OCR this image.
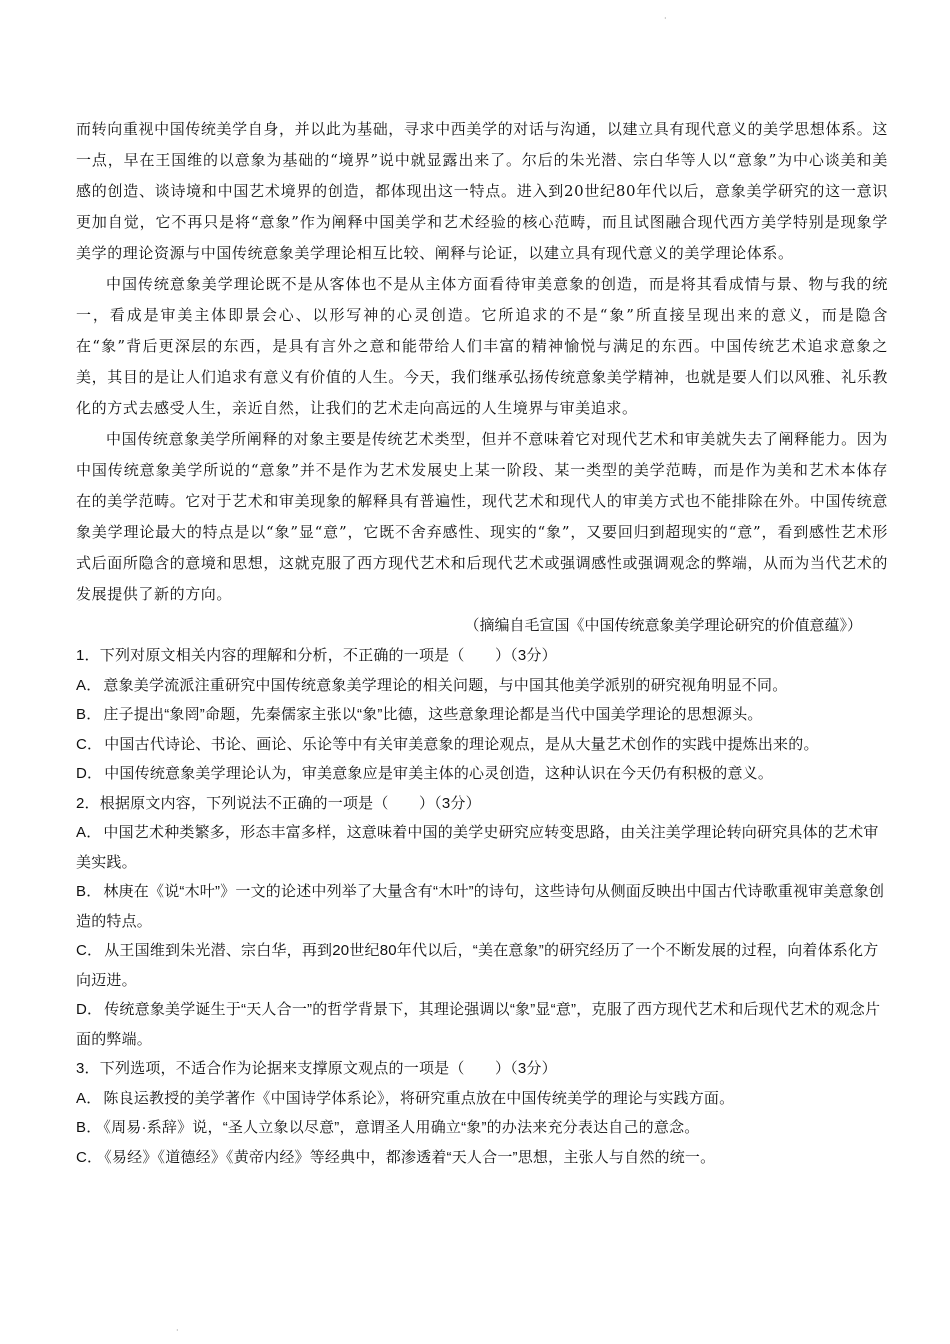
·

而转向重视中国传统美学自身，并以此为基础，寻求中西美学的对话与沟通，以建立具有现代意义的美学思想体系。这一点，早在王国维的以意象为基础的“境界”说中就显露出来了。尔后的朱光潜、宗白华等人以“意象”为中心谈美和美感的创造、谈诗境和中国艺术境界的创造，都体现出这一特点。进入到20世纪80年代以后，意象美学研究的这一意识更加自觉，它不再只是将“意象”作为阐释中国美学和艺术经验的核心范畴，而且试图融合现代西方美学特别是现象学美学的理论资源与中国传统意象美学理论相互比较、阐释与论证，以建立具有现代意义的美学理论体系。

中国传统意象美学理论既不是从客体也不是从主体方面看待审美意象的创造，而是将其看成情与景、物与我的统一，看成是审美主体即景会心、以形写神的心灵创造。它所追求的不是“象”所直接呈现出来的意义，而是隐含在“象”背后更深层的东西，是具有言外之意和能带给人们丰富的精神愉悦与满足的东西。中国传统艺术追求意象之美，其目的是让人们追求有意义有价值的人生。今天，我们继承弘扬传统意象美学精神，也就是要人们以风雅、礼乐教化的方式去感受人生，亲近自然，让我们的艺术走向高远的人生境界与审美追求。

中国传统意象美学所阐释的对象主要是传统艺术类型，但并不意味着它对现代艺术和审美就失去了阐释能力。因为中国传统意象美学所说的“意象”并不是作为艺术发展史上某一阶段、某一类型的美学范畴，而是作为美和艺术本体存在的美学范畴。它对于艺术和审美现象的解释具有普遍性，现代艺术和现代人的审美方式也不能排除在外。中国传统意象美学理论最大的特点是以“象”显“意”，它既不舍弃感性、现实的“象”，又要回归到超现实的“意”，看到感性艺术形式后面所隐含的意境和思想，这就克服了西方现代艺术和后现代艺术或强调感性或强调观念的弊端，从而为当代艺术的发展提供了新的方向。

（摘编自毛宣国《中国传统意象美学理论研究的价值意蕴》）

1．下列对原文相关内容的理解和分析，不正确的一项是（　　）（3分）

A． 意象美学流派注重研究中国传统意象美学理论的相关问题，与中国其他美学派别的研究视角明显不同。

B． 庄子提出“象罔”命题，先秦儒家主张以“象”比德，这些意象理论都是当代中国美学理论的思想源头。

C． 中国古代诗论、书论、画论、乐论等中有关审美意象的理论观点，是从大量艺术创作的实践中提炼出来的。

D． 中国传统意象美学理论认为，审美意象应是审美主体的心灵创造，这种认识在今天仍有积极的意义。

2．根据原文内容，下列说法不正确的一项是（　　）（3分）

A． 中国艺术种类繁多，形态丰富多样，这意味着中国的美学史研究应转变思路，由关注美学理论转向研究具体的艺术审美实践。

B． 林庚在《说“木叶”》一文的论述中列举了大量含有“木叶”的诗句，这些诗句从侧面反映出中国古代诗歌重视审美意象创造的特点。

C． 从王国维到朱光潜、宗白华，再到20世纪80年代以后，“美在意象”的研究经历了一个不断发展的过程，向着体系化方向迈进。

D． 传统意象美学诞生于“天人合一”的哲学背景下，其理论强调以“象”显“意”，克服了西方现代艺术和后现代艺术的观念片面的弊端。

3．下列选项，不适合作为论据来支撑原文观点的一项是（　　）（3分）

A． 陈良运教授的美学著作《中国诗学体系论》，将研究重点放在中国传统美学的理论与实践方面。

B． 《周易·系辞》说，“圣人立象以尽意”，意谓圣人用确立“象”的办法来充分表达自己的意念。

C． 《易经》《道德经》《黄帝内经》等经典中，都渗透着“天人合一”思想，主张人与自然的统一。

·
